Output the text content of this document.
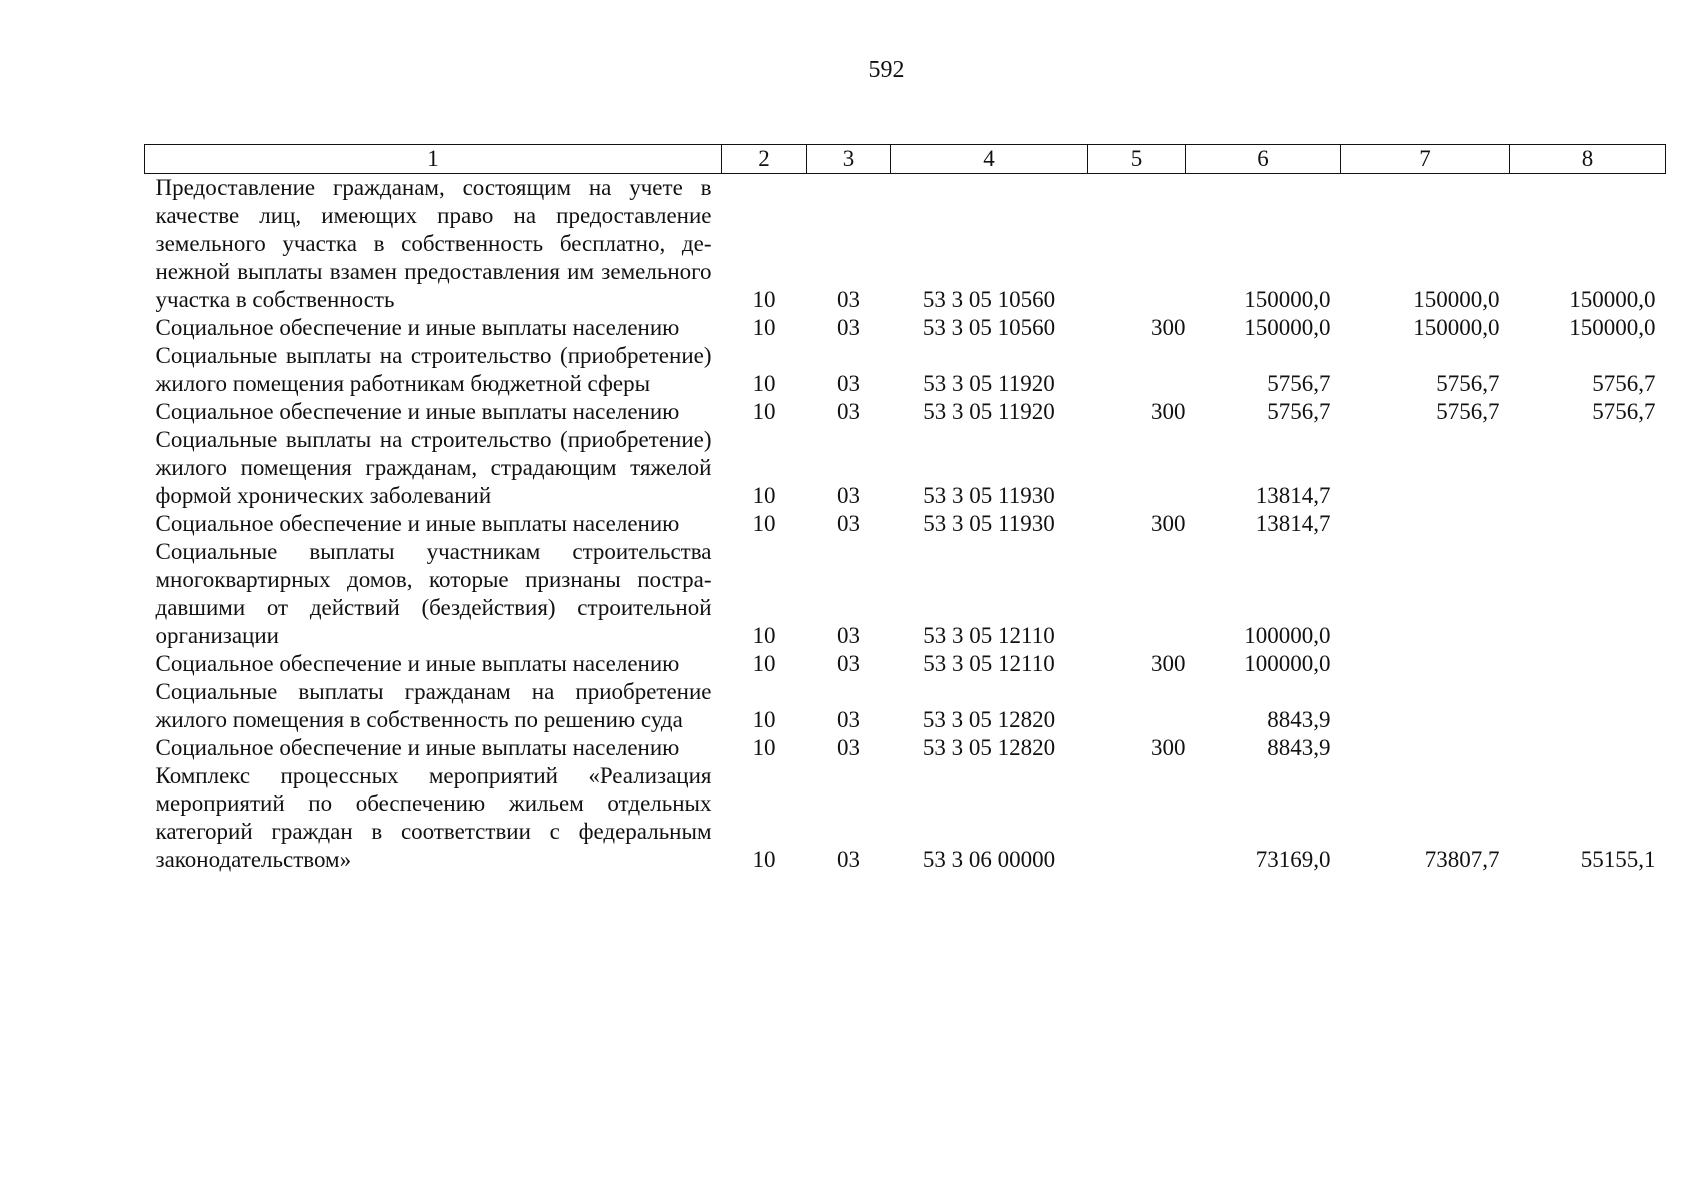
592
1	2	3	4	5	6	7	8
Предоставление гражданам, состоящим на учете в качестве лиц, имеющих право на предоставление земельного участка в собственность бесплатно, денежной выплаты взамен предоставления им земельного участка в собственность	10	03	53 3 05 10560		150000,0	150000,0	150000,0
Социальное обеспечение и иные выплаты населению	10	03	53 3 05 10560	300	150000,0	150000,0	150000,0
Социальные выплаты на строительство (приобретение) жилого помещения работникам бюджетной сферы	10	03	53 3 05 11920		5756,7	5756,7	5756,7
Социальное обеспечение и иные выплаты населению	10	03	53 3 05 11920	300	5756,7	5756,7	5756,7
Социальные выплаты на строительство (приобретение) жилого помещения гражданам, страдающим тяжелой формой хронических заболеваний	10	03	53 3 05 11930		13814,7		
Социальное обеспечение и иные выплаты населению	10	03	53 3 05 11930	300	13814,7		
Социальные выплаты участникам строительства многоквартирных домов, которые признаны пострадавшими от действий (бездействия) строительной организации	10	03	53 3 05 12110		100000,0		
Социальное обеспечение и иные выплаты населению	10	03	53 3 05 12110	300	100000,0		
Социальные выплаты гражданам на приобретение жилого помещения в собственность по решению суда	10	03	53 3 05 12820		8843,9		
Социальное обеспечение и иные выплаты населению	10	03	53 3 05 12820	300	8843,9		
Комплекс процессных мероприятий «Реализация мероприятий по обеспечению жильем отдельных категорий граждан в соответствии с федеральным законодательством»	10	03	53 3 06 00000		73169,0	73807,7	55155,1
